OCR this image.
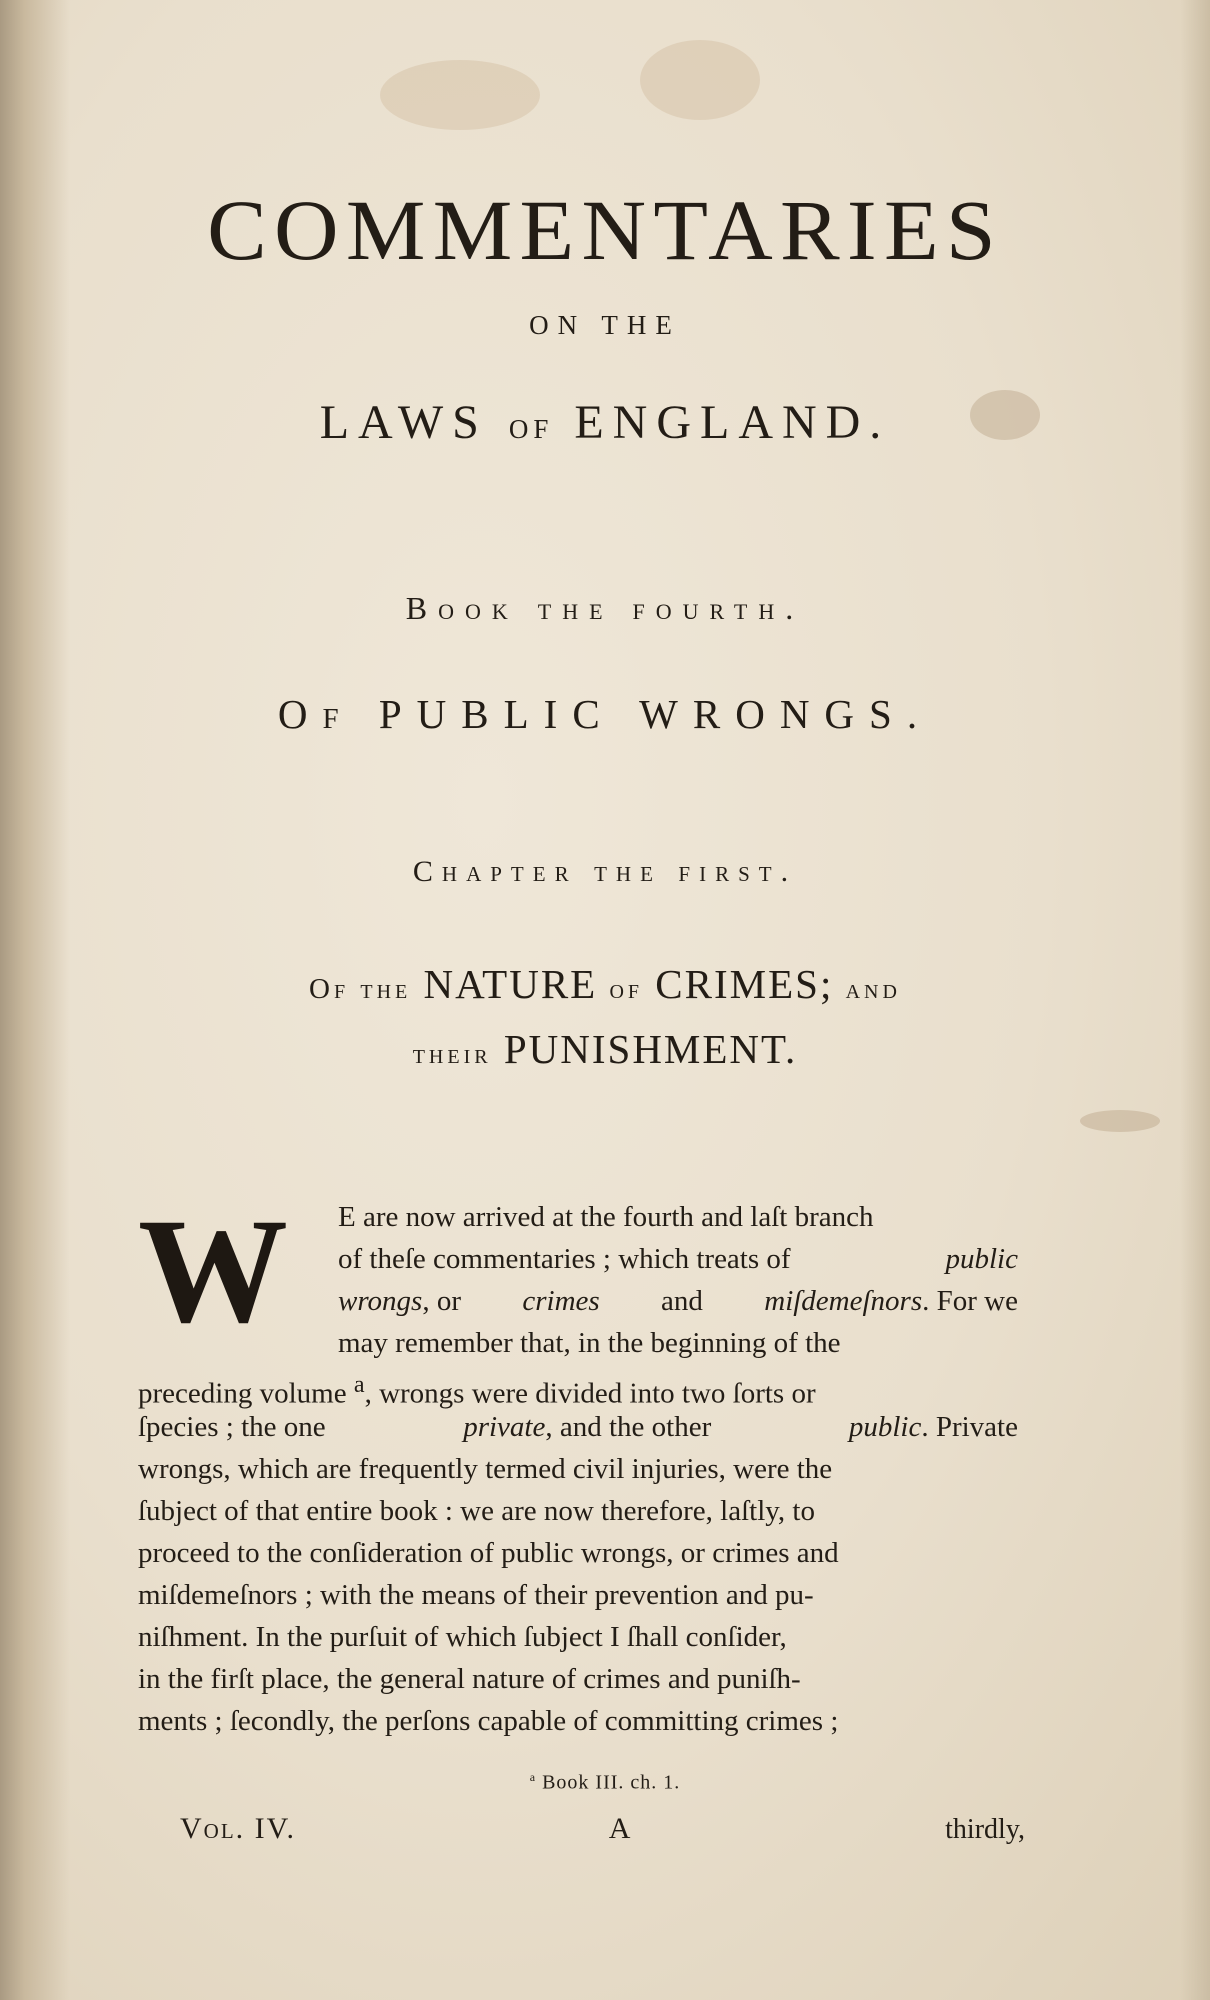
COMMENTARIES
ON THE
LAWS OF ENGLAND.
Book the fourth.
Of PUBLIC WRONGS.
Chapter the first.
Of the NATURE of CRIMES; and
their PUNISHMENT.
W E are now arrived at the fourth and laſt branch
of theſe commentaries ; which treats of	public
wrongs, or crimes and miſdemeſnors. For we
may remember that, in the beginning of the
preceding volume $^a$, wrongs were divided into two ſorts or
ſpecies ; the one	private, and the other	public. Private
wrongs, which are frequently termed civil injuries, were the
ſubject of that entire book : we are now therefore, laſtly, to
proceed to the conſideration of public wrongs, or crimes and
miſdemeſnors ; with the means of their prevention and pu-
niſhment. In the purſuit of which ſubject I ſhall conſider,
in the firſt place, the general nature of crimes and puniſh-
ments ; ſecondly, the perſons capable of committing crimes ;
$^a$ Book III. ch. 1.
Vol. IV.	A	thirdly,
